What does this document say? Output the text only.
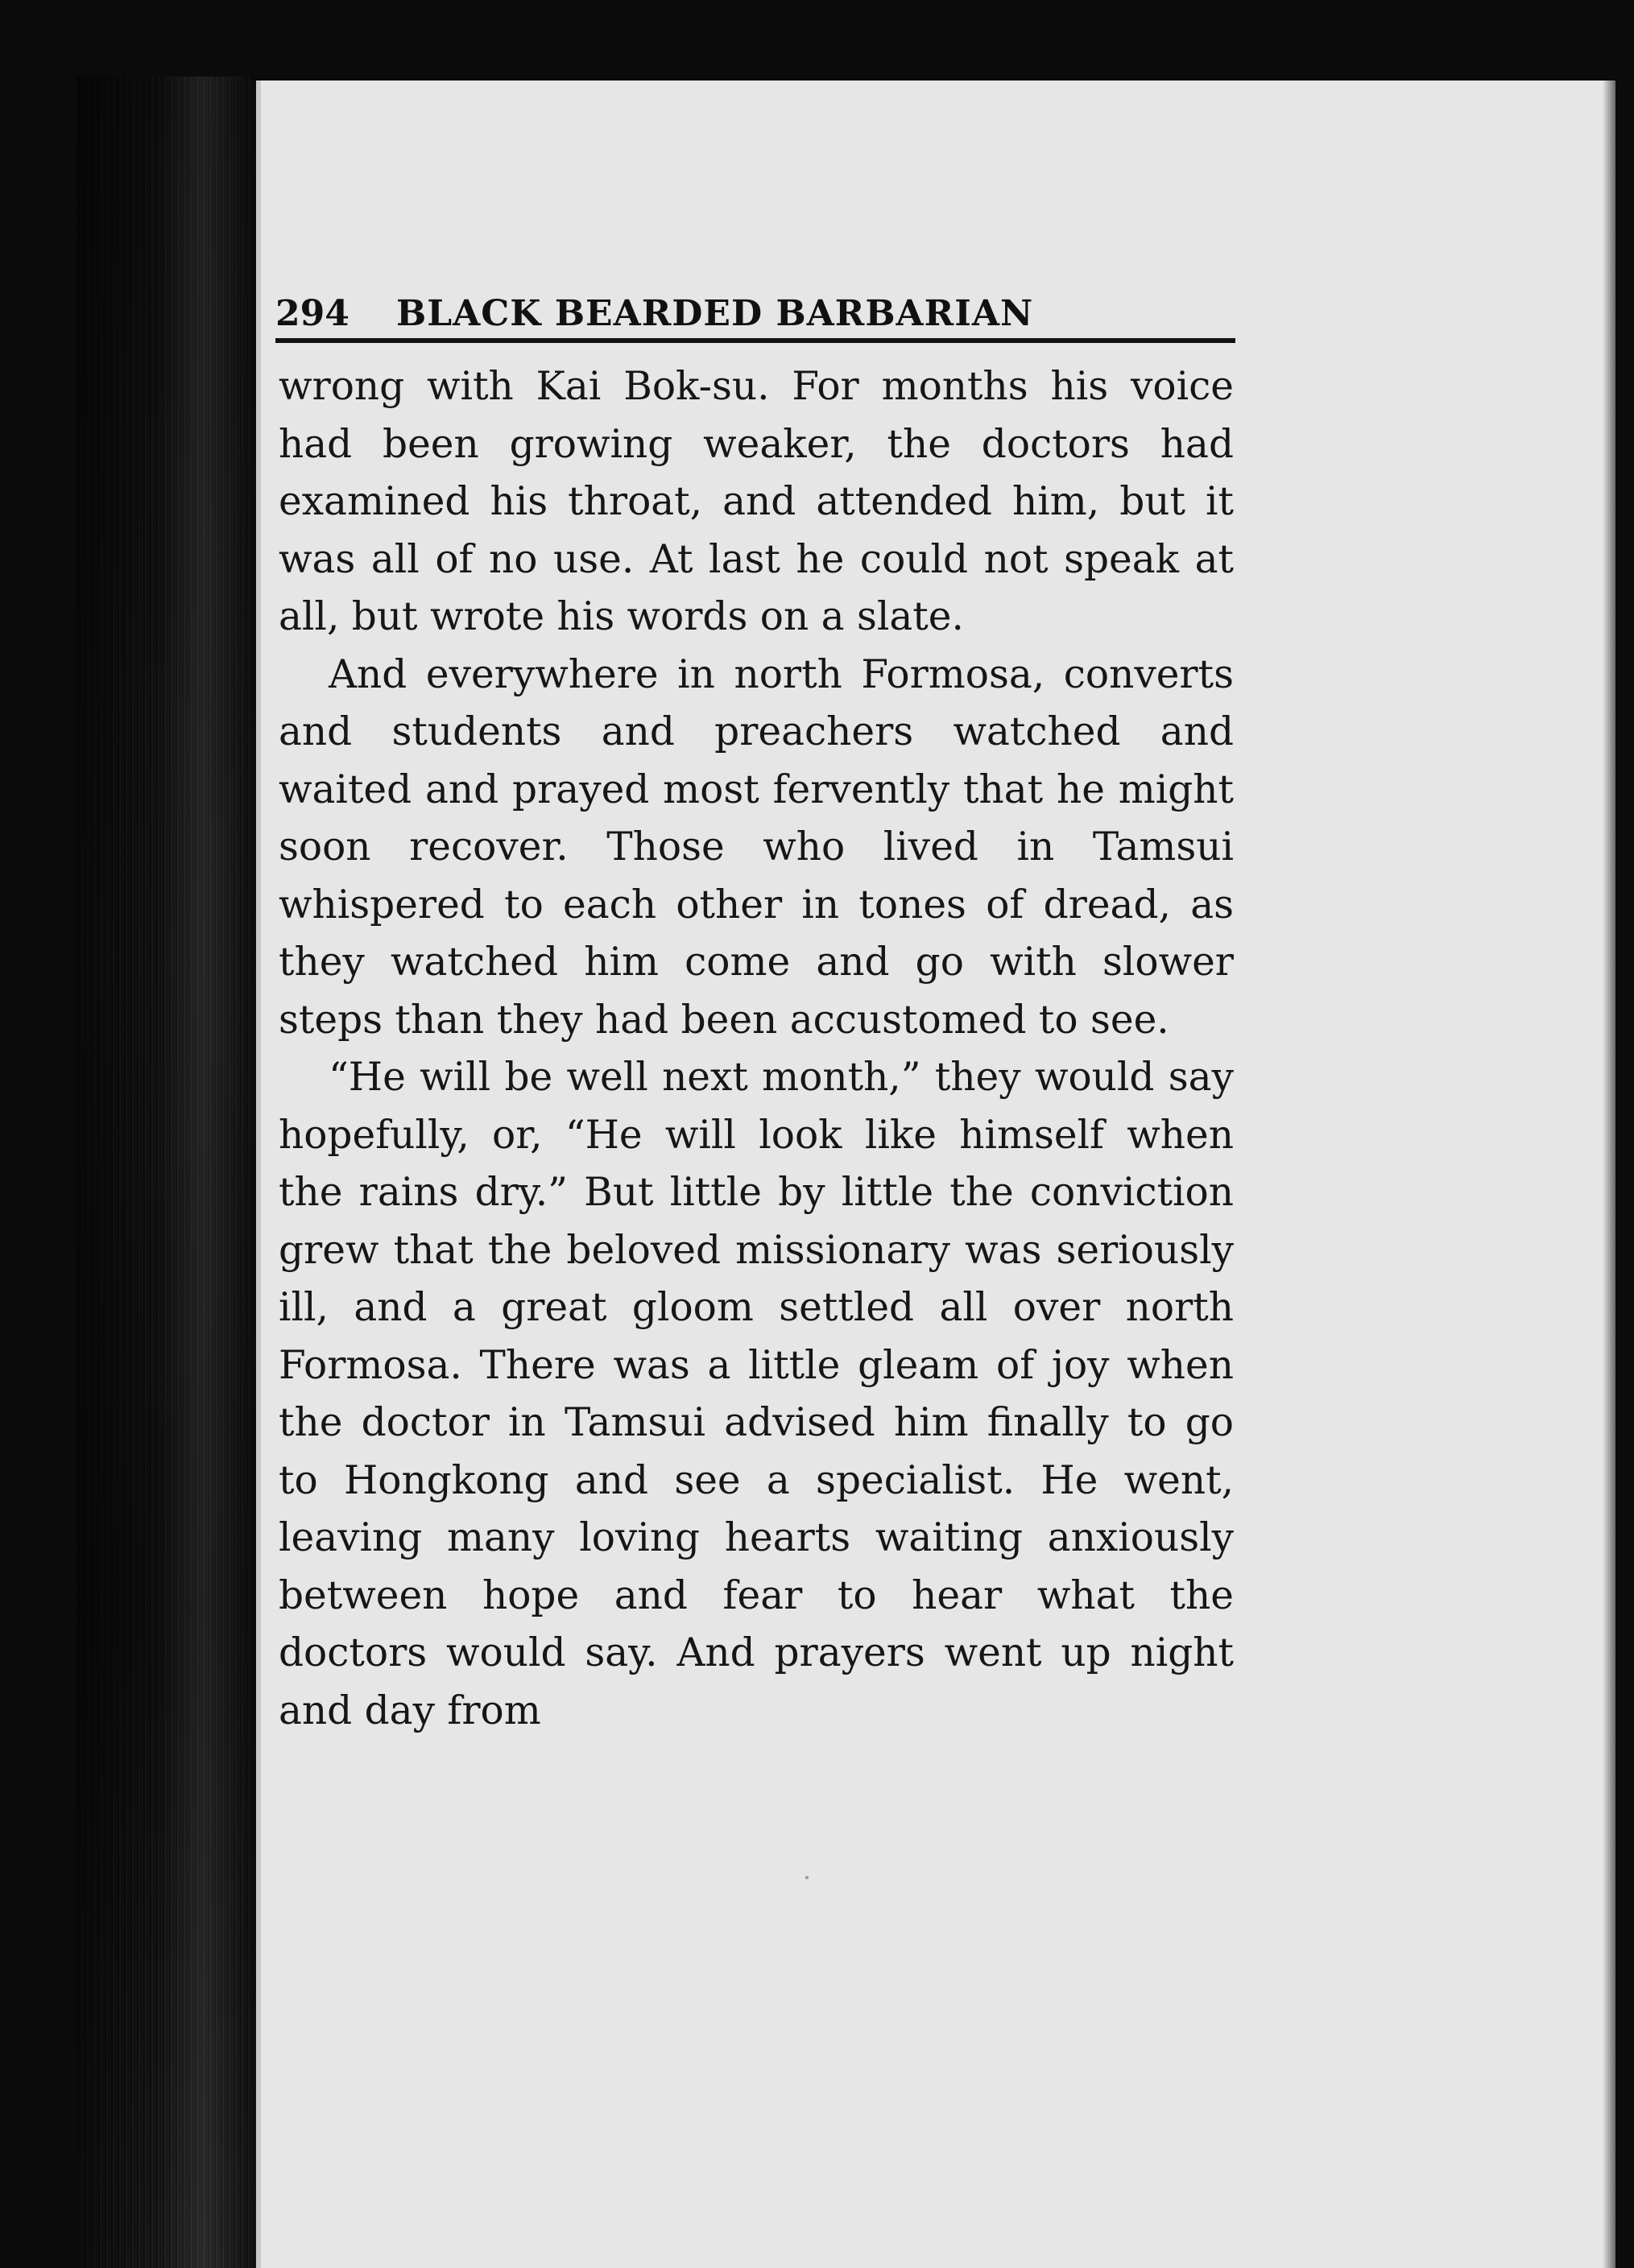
294	BLACK BEARDED BARBARIAN

wrong with Kai Bok-su. For months his voice had been growing weaker, the doctors had examined his throat, and attended him, but it was all of no use. At last he could not speak at all, but wrote his words on a slate.

And everywhere in north Formosa, converts and students and preachers watched and waited and prayed most fervently that he might soon recover. Those who lived in Tamsui whispered to each other in tones of dread, as they watched him come and go with slower steps than they had been accustomed to see.

“He will be well next month,” they would say hopefully, or, “He will look like himself when the rains dry.” But little by little the conviction grew that the beloved missionary was seriously ill, and a great gloom settled all over north Formosa. There was a little gleam of joy when the doctor in Tamsui advised him finally to go to Hongkong and see a specialist. He went, leaving many loving hearts waiting anxiously between hope and fear to hear what the doctors would say. And prayers went up night and day from
